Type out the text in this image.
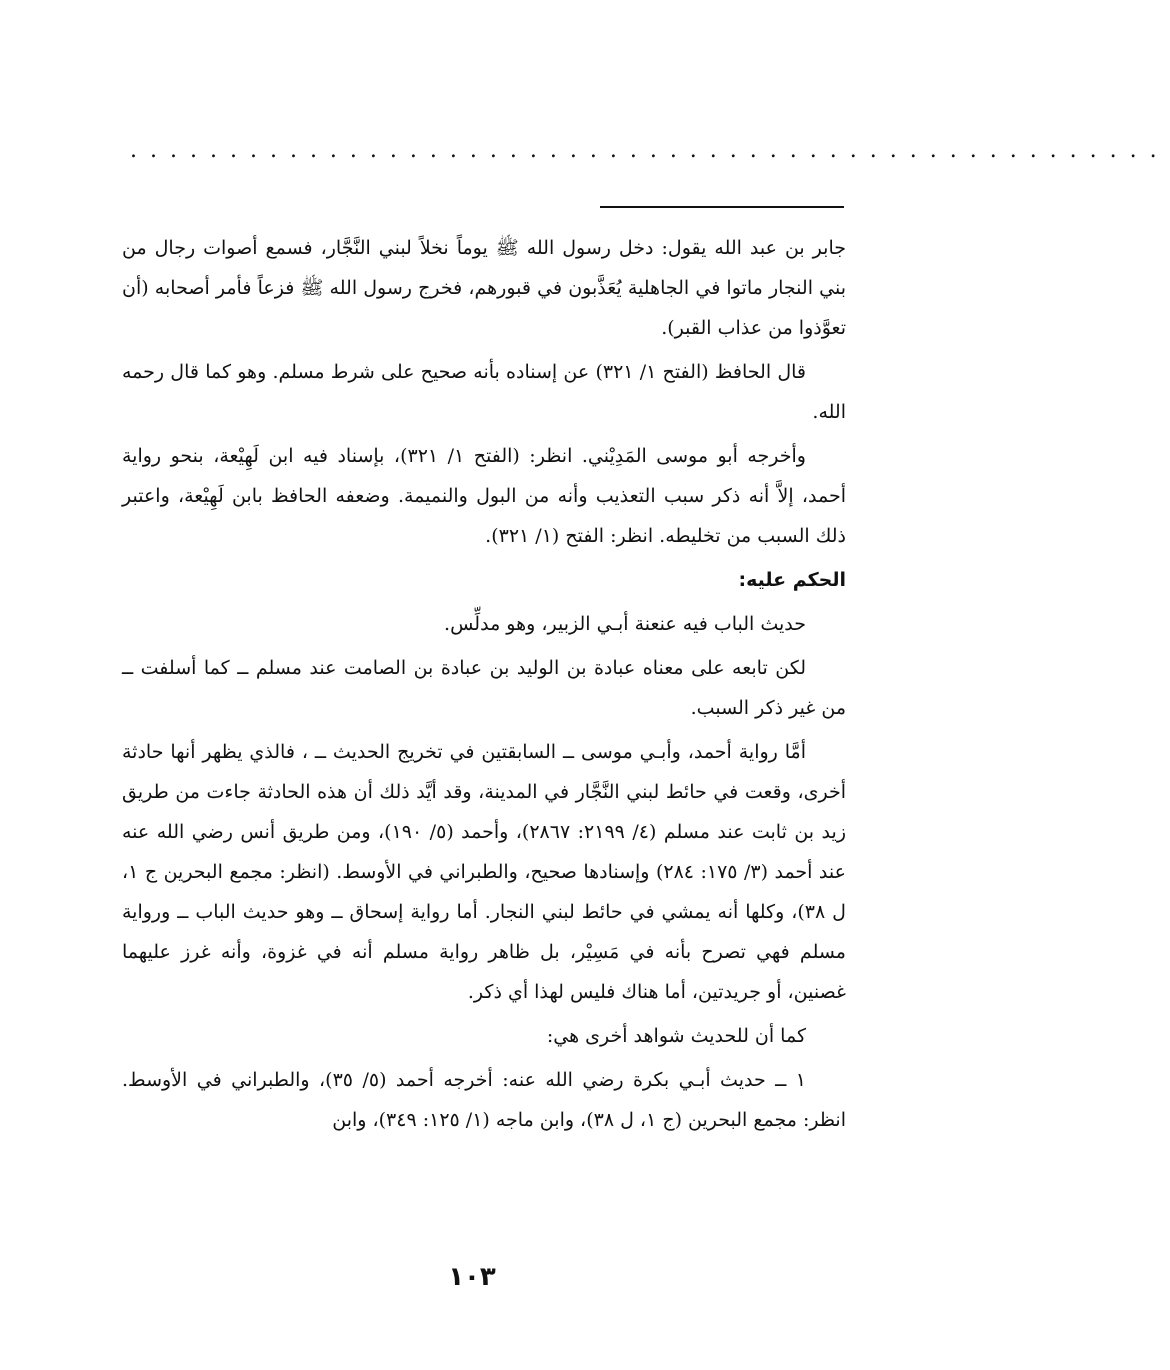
....................................................

جابر بن عبد الله يقول: دخل رسول الله ﷺ يوماً نخلاً لبني النَّجَّار، فسمع أصوات رجال من بني النجار ماتوا في الجاهلية يُعَذَّبون في قبورهم، فخرج رسول الله ﷺ فزعاً فأمر أصحابه (أن تعوَّذوا من عذاب القبر).

قال الحافظ (الفتح ١/ ٣٢١) عن إسناده بأنه صحيح على شرط مسلم. وهو كما قال رحمه الله.

وأخرجه أبو موسى المَدِيْني. انظر: (الفتح ١/ ٣٢١)، بإسناد فيه ابن لَهِيْعة، بنحو رواية أحمد، إلاَّ أنه ذكر سبب التعذيب وأنه من البول والنميمة. وضعفه الحافظ بابن لَهِيْعة، واعتبر ذلك السبب من تخليطه. انظر: الفتح (١/ ٣٢١).

الحكم عليه:

حديث الباب فيه عنعنة أبـي الزبير، وهو مدلِّس.

لكن تابعه على معناه عبادة بن الوليد بن عبادة بن الصامت عند مسلم ــ كما أسلفت ــ من غير ذكر السبب.

أمَّا رواية أحمد، وأبـي موسى ــ السابقتين في تخريج الحديث ــ ، فالذي يظهر أنها حادثة أخرى، وقعت في حائط لبني النَّجَّار في المدينة، وقد أيَّد ذلك أن هذه الحادثة جاءت من طريق زيد بن ثابت عند مسلم (٤/ ٢١٩٩: ٢٨٦٧)، وأحمد (٥/ ١٩٠)، ومن طريق أنس رضي الله عنه عند أحمد (٣/ ١٧٥: ٢٨٤) وإسنادها صحيح، والطبراني في الأوسط. (انظر: مجمع البحرين ج ١، ل ٣٨)، وكلها أنه يمشي في حائط لبني النجار. أما رواية إسحاق ــ وهو حديث الباب ــ ورواية مسلم فهي تصرح بأنه في مَسِيْر، بل ظاهر رواية مسلم أنه في غزوة، وأنه غرز عليهما غصنين، أو جريدتين، أما هناك فليس لهذا أي ذكر.

كما أن للحديث شواهد أخرى هي:

١ ــ حديث أبـي بكرة رضي الله عنه: أخرجه أحمد (٥/ ٣٥)، والطبراني في الأوسط. انظر: مجمع البحرين (ج ١، ل ٣٨)، وابن ماجه (١/ ١٢٥: ٣٤٩)، وابن

١٠٣
